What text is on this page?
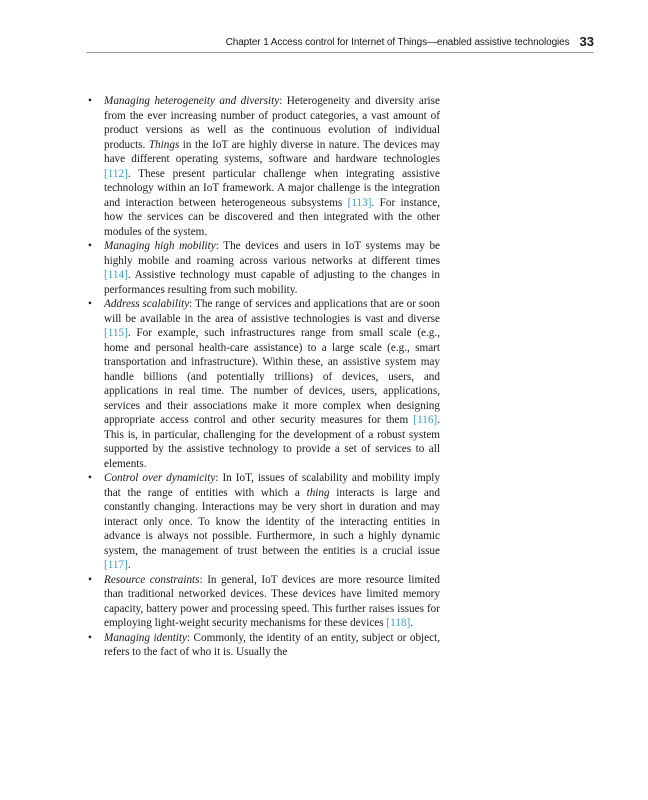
Chapter 1 Access control for Internet of Things—enabled assistive technologies 33
• Managing heterogeneity and diversity: Heterogeneity and diversity arise from the ever increasing number of product categories, a vast amount of product versions as well as the continuous evolution of individual products. Things in the IoT are highly diverse in nature. The devices may have different operating systems, software and hardware technologies [112]. These present particular challenge when integrating assistive technology within an IoT framework. A major challenge is the integration and interaction between heterogeneous subsystems [113]. For instance, how the services can be discovered and then integrated with the other modules of the system.
• Managing high mobility: The devices and users in IoT systems may be highly mobile and roaming across various networks at different times [114]. Assistive technology must capable of adjusting to the changes in performances resulting from such mobility.
• Address scalability: The range of services and applications that are or soon will be available in the area of assistive technologies is vast and diverse [115]. For example, such infrastructures range from small scale (e.g., home and personal health-care assistance) to a large scale (e.g., smart transportation and infrastructure). Within these, an assistive system may handle billions (and potentially trillions) of devices, users, and applications in real time. The number of devices, users, applications, services and their associations make it more complex when designing appropriate access control and other security measures for them [116]. This is, in particular, challenging for the development of a robust system supported by the assistive technology to provide a set of services to all elements.
• Control over dynamicity: In IoT, issues of scalability and mobility imply that the range of entities with which a thing interacts is large and constantly changing. Interactions may be very short in duration and may interact only once. To know the identity of the interacting entities in advance is always not possible. Furthermore, in such a highly dynamic system, the management of trust between the entities is a crucial issue [117].
• Resource constraints: In general, IoT devices are more resource limited than traditional networked devices. These devices have limited memory capacity, battery power and processing speed. This further raises issues for employing light-weight security mechanisms for these devices [118].
• Managing identity: Commonly, the identity of an entity, subject or object, refers to the fact of who it is. Usually the
